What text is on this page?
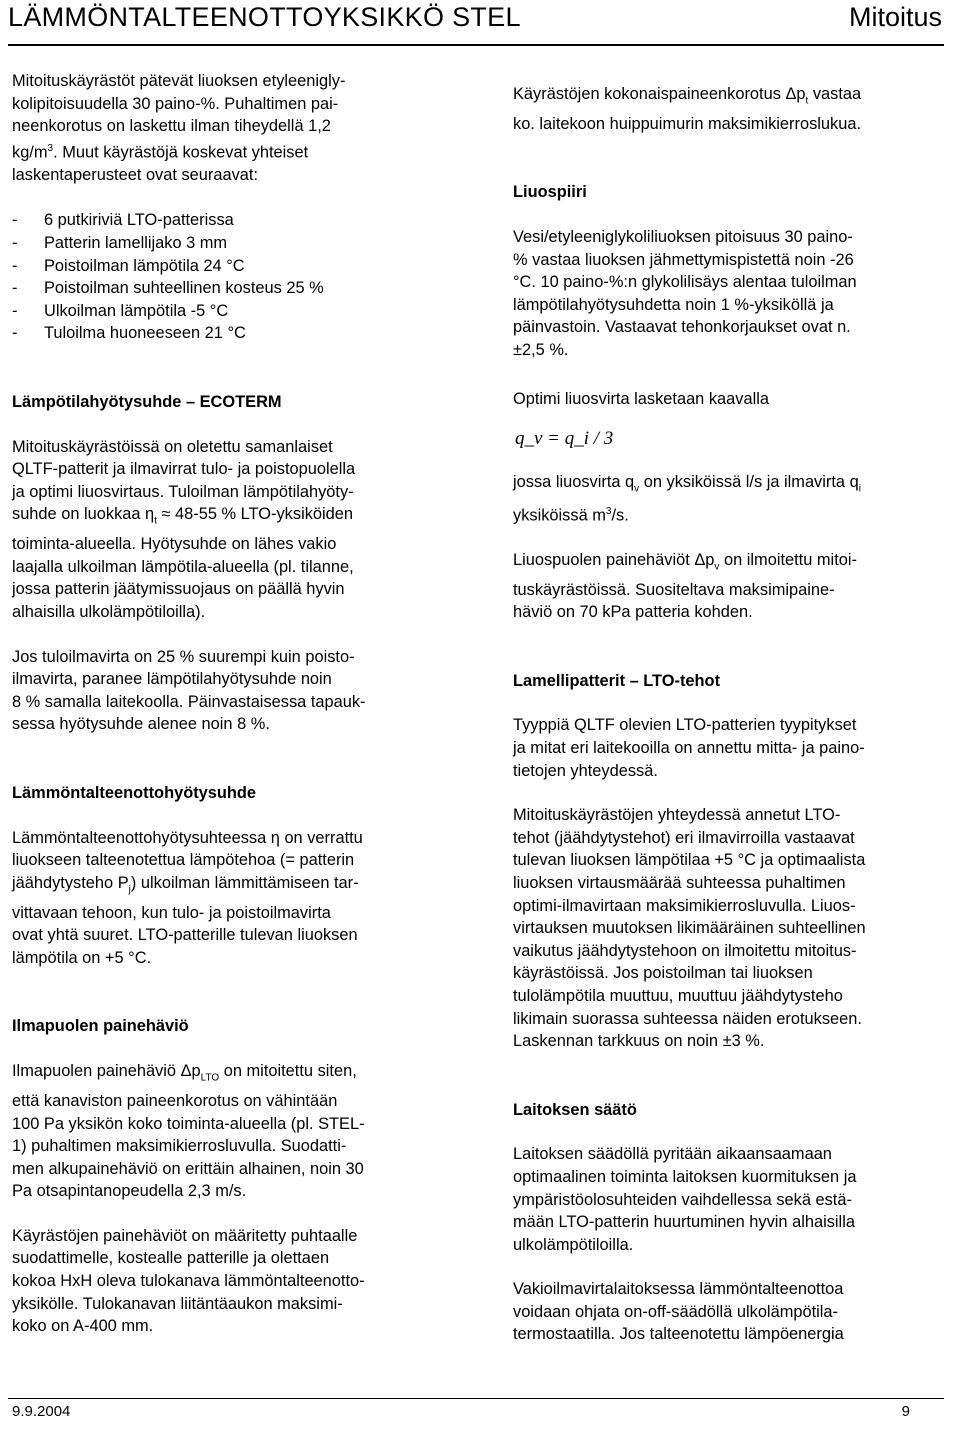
LÄMMÖNTALTEENOTTOYKSIKKÖ STEL	Mitoitus

Mitoituskäyrästöt pätevät liuoksen etyleenigly-
kolipitoisuudella 30 paino-%. Puhaltimen pai-
neenkorotus on laskettu ilman tiheydellä 1,2
$kg/m^3$. Muut käyrästöjä koskevat yhteiset
laskentaperusteet ovat seuraavat:

- 6 putkiriviä LTO-patterissa
- Patterin lamellijako 3 mm
- Poistoilman lämpötila 24 °C
- Poistoilman suhteellinen kosteus 25 %
- Ulkoilman lämpötila -5 °C
- Tuloilma huoneeseen 21 °C

Lämpötilahyötysuhde – ECOTERM

Mitoituskäyrästöissä on oletettu samanlaiset
QLTF-patterit ja ilmavirrat tulo- ja poistopuolella
ja optimi liuosvirtaus. Tuloilman lämpötilahyöty-
suhde on luokkaa $\eta_t \approx 48-55$ % LTO-yksiköiden
toiminta-alueella. Hyötysuhde on lähes vakio
laajalla ulkoilman lämpötila-alueella (pl. tilanne,
jossa patterin jäätymissuojaus on päällä hyvin
alhaisilla ulkolämpötiloilla).

Jos tuloilmavirta on 25 % suurempi kuin poisto-
ilmavirta, paranee lämpötilahyötysuhde noin
8 % samalla laitekoolla. Päinvastaisessa tapauk-
sessa hyötysuhde alenee noin 8 %.

Lämmöntalteenottohyötysuhde

Lämmöntalteenottohyötysuhteessa η on verrattu
liuokseen talteenotettua lämpötehoa (= patterin
jäähdytysteho $P_j$) ulkoilman lämmittämiseen tar-
vittavaan tehoon, kun tulo- ja poistoilmavirta
ovat yhtä suuret. LTO-patterille tulevan liuoksen
lämpötila on +5 °C.

Ilmapuolen painehäviö

Ilmapuolen painehäviö $\Delta p_{LTO}$ on mitoitettu siten,
että kanaviston paineenkorotus on vähintään
100 Pa yksikön koko toiminta-alueella (pl. STEL-
1) puhaltimen maksimikierrosluvulla. Suodatti-
men alkupainehäviö on erittäin alhainen, noin 30
Pa otsapintanopeudella 2,3 m/s.

Käyrästöjen painehäviöt on määritetty puhtaalle
suodattimelle, kostealle patterille ja olettaen
kokoa HxH oleva tulokanava lämmöntalteenotto-
yksikölle. Tulokanavan liitäntäaukon maksimi-
koko on A-400 mm.

Käyrästöjen kokonaispaineenkorotus $\Delta p_t$ vastaa
ko. laitekoon huippuimurin maksimikierroslukua.

Liuospiiri

Vesi/etyleeniglykoliliuoksen pitoisuus 30 paino-
% vastaa liuoksen jähmettymispistettä noin -26
°C. 10 paino-%:n glykolilisäys alentaa tuloilman
lämpötilahyötysuhdetta noin 1 %-yksiköllä ja
päinvastoin. Vastaavat tehonkorjaukset ovat n.
±2,5 %.

Optimi liuosvirta lasketaan kaavalla

q_v = q_i / 3

jossa liuosvirta $q_v$ on yksiköissä l/s ja ilmavirta $q_i$
yksiköissä $m^3/s$.

Liuospuolen painehäviöt $\Delta p_v$ on ilmoitettu mitoi-
tuskäyrästöissä. Suositeltava maksimipaine-
häviö on 70 kPa patteria kohden.

Lamellipatterit – LTO-tehot

Tyyppiä QLTF olevien LTO-patterien tyypitykset
ja mitat eri laitekooilla on annettu mitta- ja paino-
tietojen yhteydessä.

Mitoituskäyrästöjen yhteydessä annetut LTO-
tehot (jäähdytystehot) eri ilmavirroilla vastaavat
tulevan liuoksen lämpötilaa +5 °C ja optimaalista
liuoksen virtausmäärää suhteessa puhaltimen
optimi-ilmavirtaan maksimikierrosluvulla. Liuos-
virtauksen muutoksen likimääräinen suhteellinen
vaikutus jäähdytystehoon on ilmoitettu mitoitus-
käyrästöissä. Jos poistoilman tai liuoksen
tulolämpötila muuttuu, muuttuu jäähdytysteho
likimain suorassa suhteessa näiden erotukseen.
Laskennan tarkkuus on noin ±3 %.

Laitoksen säätö

Laitoksen säädöllä pyritään aikaansaamaan
optimaalinen toiminta laitoksen kuormituksen ja
ympäristöolosuhteiden vaihdellessa sekä estä-
mään LTO-patterin huurtuminen hyvin alhaisilla
ulkolämpötiloilla.

Vakioilmavirtalaitoksessa lämmöntalteenottoa
voidaan ohjata on-off-säädöllä ulkolämpötila-
termostaatilla. Jos talteenotettu lämpöenergia

9.9.2004	9
